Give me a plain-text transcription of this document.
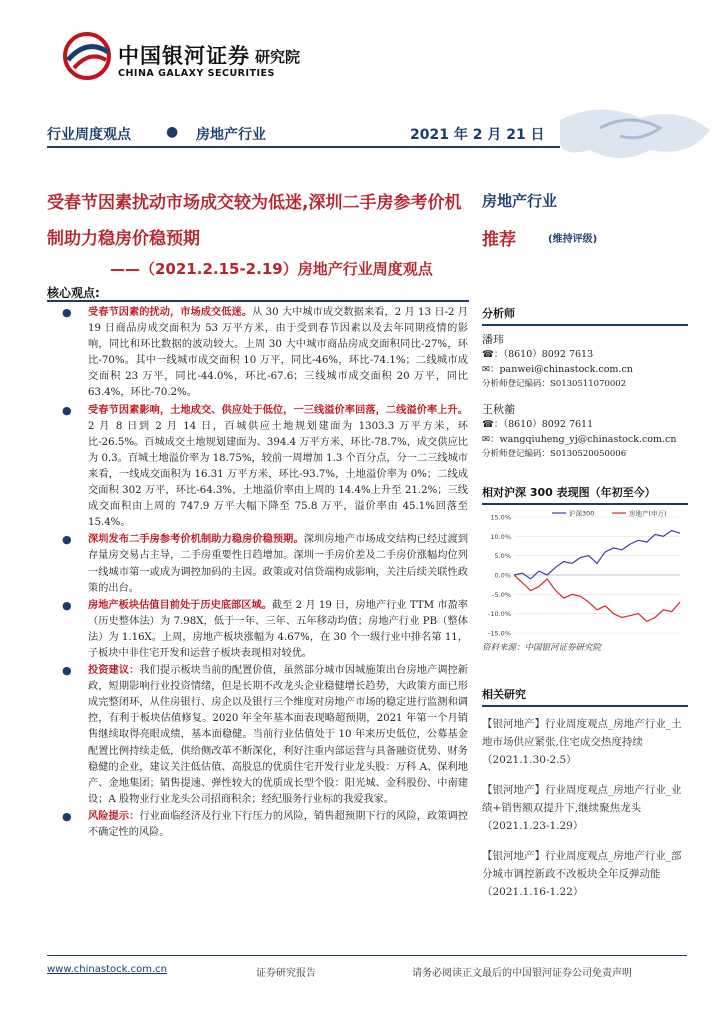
中国银河证券
CHINA GALAXY SECURITIES
研究院
行业周度观点	● 房地产行业	2021 年 2 月 21 日
受春节因素扰动市场成交较为低迷,深圳二手房参考价机制助力稳房价稳预期
——（2021.2.15-2.19）房地产行业周度观点
房地产行业
推荐	(维持评级)
核心观点:
● 受春节因素的扰动，市场成交低迷。从 30 大中城市成交数据来看，2 月 13 日-2 月 19 日商品房成交面积为 53 万平方米，由于受到春节因素以及去年同期疫情的影响，同比和环比数据的波动较大。上周 30 大中城市商品房成交面积同比-27%，环比-70%。其中一线城市成交面积 10 万平，同比-46%，环比-74.1%；二线城市成交面积 23 万平，同比-44.0%，环比-67.6；三线城市成交面积 20 万平，同比 63.4%，环比-70.2%。
● 受春节因素影响，土地成交、供应处于低位，一三线溢价率回落，二线溢价率上升。2 月 8 日到 2 月 14 日，百城供应土地规划建面为 1303.3 万平方米，环比-26.5%。百城成交土地规划建面为、394.4 万平方米，环比-78.7%，成交供应比为 0.3。百城土地溢价率为 18.75%，较前一周增加 1.3 个百分点，分一二三线城市来看，一线成交面积为 16.31 万平方米，环比-93.7%，土地溢价率为 0%；二线成交面积 302 万平，环比-64.3%，土地溢价率由上周的 14.4%上升至 21.2%；三线成交面积由上周的 747.9 万平大幅下降至 75.8 万平，溢价率由 45.1%回落至 15.4%。
● 深圳发布二手房参考价机制助力稳房价稳预期。深圳房地产市场成交结构已经过渡到存量房交易占主导，二手房重要性日趋增加。深圳一手房价差及二手房价涨幅均位列一线城市第一或成为调控加码的主因。政策或对信贷端构成影响，关注后续关联性政策的出台。
● 房地产板块估值目前处于历史底部区域。截至 2 月 19 日，房地产行业 TTM 市盈率（历史整体法）为 7.98X，低于一年、三年、五年移动均值；房地产行业 PB（整体法）为 1.16X。上周，房地产板块涨幅为 4.67%，在 30 个一级行业中排名第 11，子板块中非住宅开发和运营子板块表现相对较优。
● 投资建议：我们提示板块当前的配置价值，虽然部分城市因城施策出台房地产调控新政，短期影响行业投资情绪，但是长期不改龙头企业稳健增长趋势，大政策方面已形成完整闭环，从住房银行、房企以及银行三个维度对房地产市场的稳定进行监测和调控，有利于板块估值修复。2020 年全年基本面表现略超预期，2021 年第一个月销售继续取得亮眼成绩，基本面稳健。当前行业估值处于 10 年来历史低位，公募基金配置比例持续走低，供给侧改革不断深化，利好注重内部运营与具备融资优势、财务稳健的企业，建议关注低估值、高股息的优质住宅开发行业龙头股：万科 A、保利地产、金地集团；销售提速、弹性较大的优质成长型个股：阳光城、金科股份、中南建设；A 股物业行业龙头公司招商积余；经纪服务行业标的我爱我家。
● 风险提示：行业面临经济及行业下行压力的风险，销售超预期下行的风险，政策调控不确定性的风险。
分析师
潘玮
☎：（8610）8092 7613
✉：panwei@chinastock.com.cn
分析师登记编码：S0130511070002
王秋蘅
☎：（8610）8092 7611
✉：wangqiuheng_yj@chinastock.com.cn
分析师登记编码：S0130520050006
相对沪深 300 表现图（年初至今）
15.0%
10.0%
5.0%
0.0%
-5.0%
-10.0%
-15.0%
沪深300	房地产(申万)
资料来源：中国银河证券研究院
相关研究
【银河地产】行业周度观点_房地产行业_土地市场供应紧张,住宅成交热度持续（2021.1.30-2.5）
【银河地产】行业周度观点_房地产行业_业绩+销售额双提升下,继续聚焦龙头（2021.1.23-1.29）
【银河地产】行业周度观点_房地产行业_部分城市调控新政不改板块全年反弹动能（2021.1.16-1.22）
www.chinastock.com.cn	证券研究报告	请务必阅读正文最后的中国银河证券公司免责声明
